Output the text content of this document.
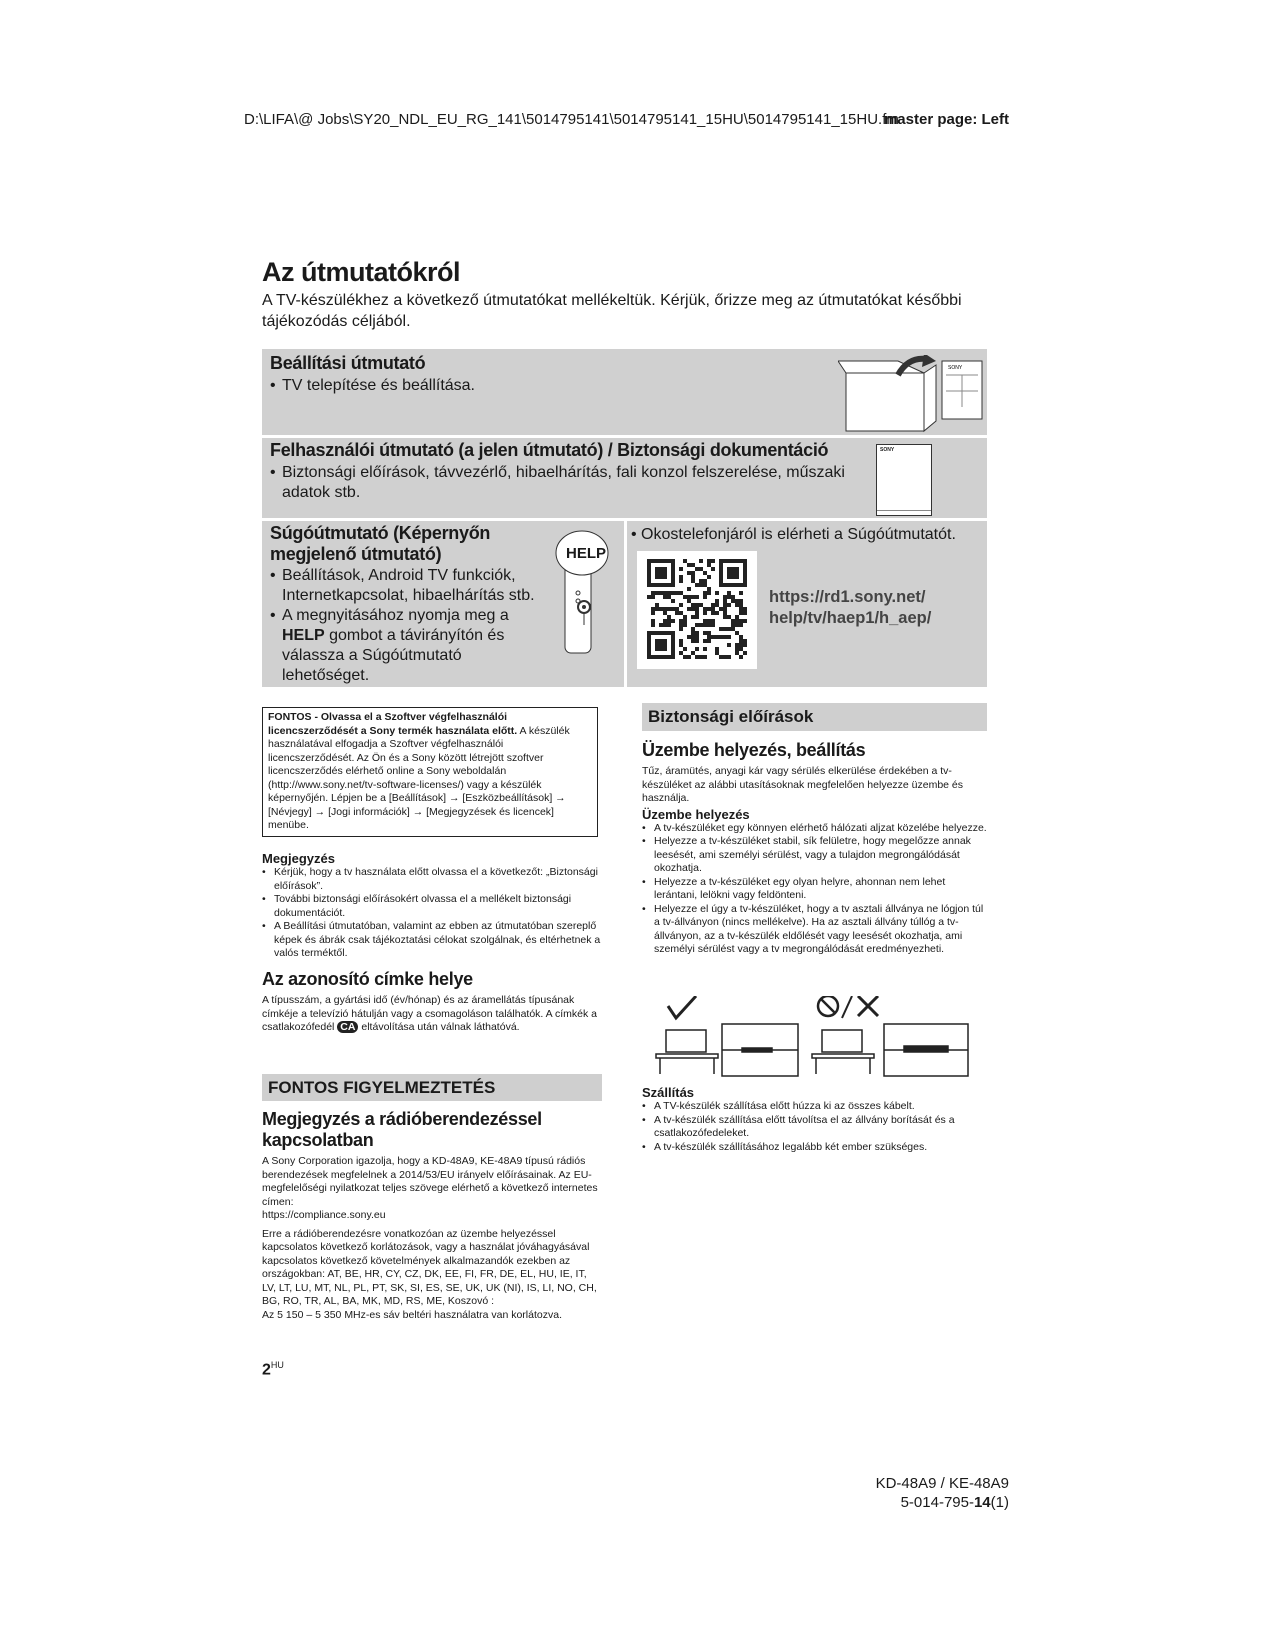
D:\LIFA\@ Jobs\SY20_NDL_EU_RG_141\5014795141\5014795141_15HU\5014795141_15HU.fm
master page: Left
Az útmutatókról
A TV-készülékhez a következő útmutatókat mellékeltük. Kérjük, őrizze meg az útmutatókat későbbi tájékozódás céljából.
Beállítási útmutató
• TV telepítése és beállítása.
SONY
Felhasználói útmutató (a jelen útmutató) / Biztonsági dokumentáció
• Biztonsági előírások, távvezérlő, hibaelhárítás, fali konzol felszerelése, műszaki adatok stb.
SONY
Súgóútmutató (Képernyőn
megjelenő útmutató)
• Beállítások, Android TV funkciók, Internetkapcsolat, hibaelhárítás stb.
• A megnyitásához nyomja meg a HELP gombot a távirányítón és válassza a Súgóútmutató lehetőséget.
HELP
• Okostelefonjáról is elérheti a Súgóútmutatót.
https://rd1.sony.net/
help/tv/haep1/h_aep/
FONTOS - Olvassa el a Szoftver végfelhasználói licencszerződését a Sony termék használata előtt. A készülék használatával elfogadja a Szoftver végfelhasználói licencszerződését. Az Ön és a Sony között létrejött szoftver licencszerződés elérhető online a Sony weboldalán (http://www.sony.net/tv-software-licenses/) vagy a készülék képernyőjén. Lépjen be a [Beállítások] → [Eszközbeállítások] → [Névjegy] → [Jogi információk] → [Megjegyzések és licencek] menübe.
Megjegyzés
• Kérjük, hogy a tv használata előtt olvassa el a következőt: „Biztonsági előírások”.
• További biztonsági előírásokért olvassa el a mellékelt biztonsági dokumentációt.
• A Beállítási útmutatóban, valamint az ebben az útmutatóban szereplő képek és ábrák csak tájékoztatási célokat szolgálnak, és eltérhetnek a valós terméktől.
Az azonosító címke helye
A típusszám, a gyártási idő (év/hónap) és az áramellátás típusának címkéje a televízió hátulján vagy a csomagoláson találhatók. A címkék a csatlakozófedél CA eltávolítása után válnak láthatóvá.
FONTOS FIGYELMEZTETÉS
Megjegyzés a rádióberendezéssel
kapcsolatban
A Sony Corporation igazolja, hogy a KD-48A9, KE-48A9 típusú rádiós berendezések megfelelnek a 2014/53/EU irányelv előírásainak. Az EU-megfelelőségi nyilatkozat teljes szövege elérhető a következő internetes címen:
https://compliance.sony.eu
Erre a rádióberendezésre vonatkozóan az üzembe helyezéssel kapcsolatos következő korlátozások, vagy a használat jóváhagyásával kapcsolatos következő követelmények alkalmazandók ezekben az országokban: AT, BE, HR, CY, CZ, DK, EE, FI, FR, DE, EL, HU, IE, IT, LV, LT, LU, MT, NL, PL, PT, SK, SI, ES, SE, UK, UK (NI), IS, LI, NO, CH, BG, RO, TR, AL, BA, MK, MD, RS, ME, Koszovó :
Az 5 150 – 5 350 MHz-es sáv beltéri használatra van korlátozva.
$2^{HU}$
Biztonsági előírások
Üzembe helyezés, beállítás
Tűz, áramütés, anyagi kár vagy sérülés elkerülése érdekében a tv-készüléket az alábbi utasításoknak megfelelően helyezze üzembe és használja.
Üzembe helyezés
• A tv-készüléket egy könnyen elérhető hálózati aljzat közelébe helyezze.
• Helyezze a tv-készüléket stabil, sík felületre, hogy megelőzze annak leesését, ami személyi sérülést, vagy a tulajdon megrongálódását okozhatja.
• Helyezze a tv-készüléket egy olyan helyre, ahonnan nem lehet lerántani, lelökni vagy feldönteni.
• Helyezze el úgy a tv-készüléket, hogy a tv asztali állványa ne lógjon túl a tv-állványon (nincs mellékelve). Ha az asztali állvány túllóg a tv-állványon, az a tv-készülék eldőlését vagy leesését okozhatja, ami személyi sérülést vagy a tv megrongálódását eredményezheti.
Szállítás
• A TV-készülék szállítása előtt húzza ki az összes kábelt.
• A tv-készülék szállítása előtt távolítsa el az állvány borítását és a csatlakozófedeleket.
• A tv-készülék szállításához legalább két ember szükséges.
KD-48A9 / KE-48A9
5-014-795-14(1)
